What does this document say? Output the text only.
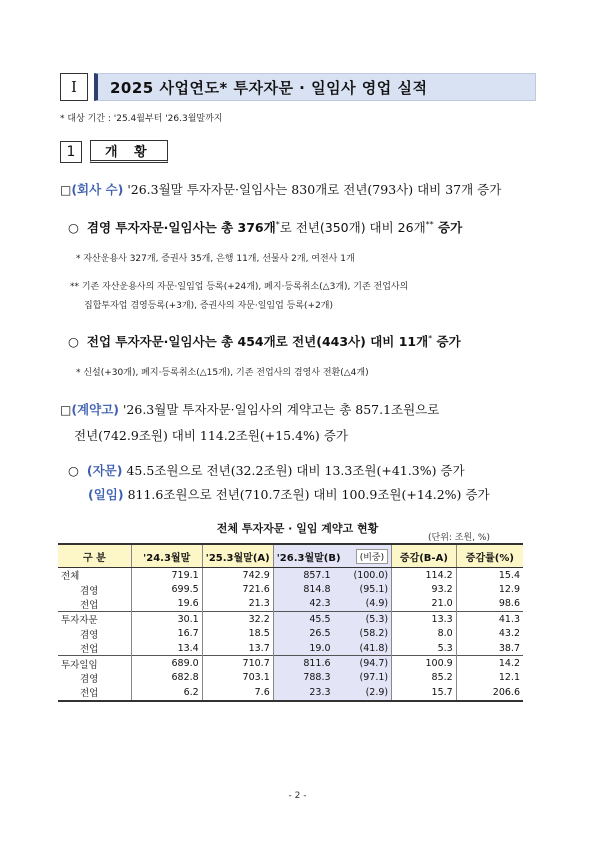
Ⅰ	2025 사업연도* 투자자문 · 일임사 영업 실적
* 대상 기간 : '25.4월부터 '26.3월말까지
1	개 황
□(회사 수) '26.3월말 투자자문·일임사는 830개로 전년(793사) 대비 37개 증가
○ 겸영 투자자문·일임사는 총 376개*로 전년(350개) 대비 26개** 증가
* 자산운용사 327개, 증권사 35개, 은행 11개, 선물사 2개, 여전사 1개
** 기존 자산운용사의 자문·일임업 등록(+24개), 폐지·등록취소(△3개), 기존 전업사의
집합투자업 겸영등록(+3개), 증권사의 자문·일임업 등록(+2개)
○ 전업 투자자문·일임사는 총 454개로 전년(443사) 대비 11개* 증가
* 신설(+30개), 폐지·등록취소(△15개), 기존 전업사의 겸영사 전환(△4개)
□(계약고) '26.3월말 투자자문·일임사의 계약고는 총 857.1조원으로
전년(742.9조원) 대비 114.2조원(+15.4%) 증가
○ (자문) 45.5조원으로 전년(32.2조원) 대비 13.3조원(+41.3%) 증가
(일임) 811.6조원으로 전년(710.7조원) 대비 100.9조원(+14.2%) 증가
전체 투자자문 · 일임 계약고 현황
(단위: 조원, %)
구 분	'24.3월말	'25.3월말(A)	'26.3월말(B) (비중)		증감(B-A)	증감률(%)
전체	719.1	742.9	857.1	(100.0)	114.2	15.4
겸영	699.5	721.6	814.8	(95.1)	93.2	12.9
전업	19.6	21.3	42.3	(4.9)	21.0	98.6
투자자문	30.1	32.2	45.5	(5.3)	13.3	41.3
겸영	16.7	18.5	26.5	(58.2)	8.0	43.2
전업	13.4	13.7	19.0	(41.8)	5.3	38.7
투자일임	689.0	710.7	811.6	(94.7)	100.9	14.2
겸영	682.8	703.1	788.3	(97.1)	85.2	12.1
전업	6.2	7.6	23.3	(2.9)	15.7	206.6
- 2 -
